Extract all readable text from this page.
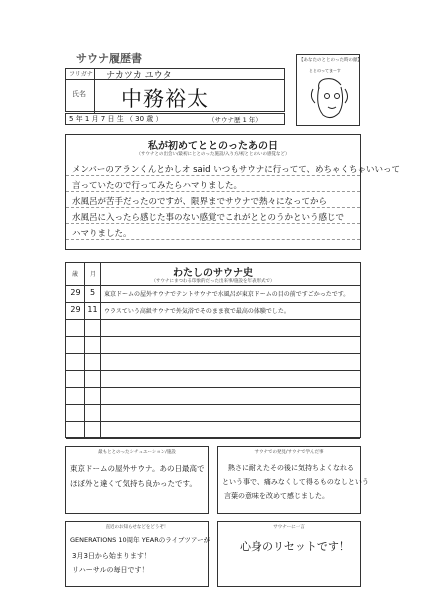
サウナ履歴書
フリガナ ナカツカ ユウタ
氏名 中務裕太
5 年 1 月 7 日 生 （ 30 歳 ）	（サウナ歴 1 年）
【あなたのととのった時の顔】
ととのってまーす
私が初めてととのったあの日
（サウナとの出会い/最初にととのった施設/入り方/初ととのいの感覚など）
メンバーのアランくんとかしオ said いつもサウナに行ってて、めちゃくちゃいいって
言っていたので行ってみたらハマりました。
水風呂が苦手だったのですが、限界までサウナで熱々になってから
水風呂に入ったら感じた事のない感覚でこれがととのうかという感じで
ハマりました。
わたしのサウナ史
（サウナにまつわる印象的だった出来事/施設を年表形式で）
歳	月
29	5	東京ドームの屋外サウナでテントサウナで水風呂が東京ドームの目の前ですごかったです。
29 11	ウラスていう高級サウナで外気浴でそのまま夜で最高の体験でした。
最もととのったシチュエーション/施設
東京ドームの屋外サウナ。あの日最高で
ほぼ外と違くて気持ち良かったです。
サウナでの発見/サウナで学んだ事
熱さに耐えたその後に気持ちよくなれる
という事で、痛みなくして得るものなしという
言葉の意味を改めて感じました。
直近のお知らせなどをどうぞ！
GENERATIONS 10周年 YEARのライブツアーが
3月3日から始まります！
リハーサルの毎日です！
サウナーに一言
心身のリセットです！
